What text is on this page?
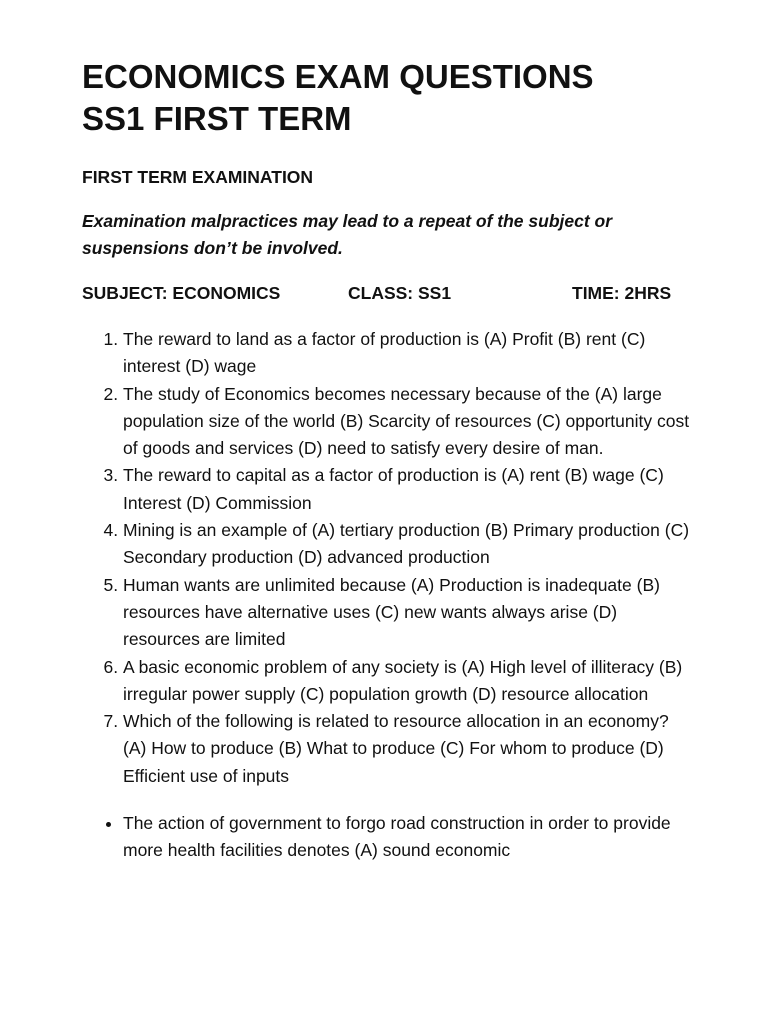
ECONOMICS EXAM QUESTIONS
SS1 FIRST TERM
FIRST TERM EXAMINATION
Examination malpractices may lead to a repeat of the subject or suspensions don’t be involved.
SUBJECT: ECONOMICS	CLASS: SS1	TIME: 2HRS
1. The reward to land as a factor of production is (A) Profit (B) rent (C) interest (D) wage
2. The study of Economics becomes necessary because of the (A) large population size of the world (B) Scarcity of resources (C) opportunity cost of goods and services (D) need to satisfy every desire of man.
3. The reward to capital as a factor of production is (A) rent (B) wage (C) Interest (D) Commission
4. Mining is an example of (A) tertiary production (B) Primary production (C) Secondary production (D) advanced production
5. Human wants are unlimited because (A) Production is inadequate (B) resources have alternative uses (C) new wants always arise (D) resources are limited
6. A basic economic problem of any society is (A) High level of illiteracy (B) irregular power supply (C) population growth (D) resource allocation
7. Which of the following is related to resource allocation in an economy? (A) How to produce (B) What to produce (C) For whom to produce (D) Efficient use of inputs
• The action of government to forgo road construction in order to provide more health facilities denotes (A) sound economic
